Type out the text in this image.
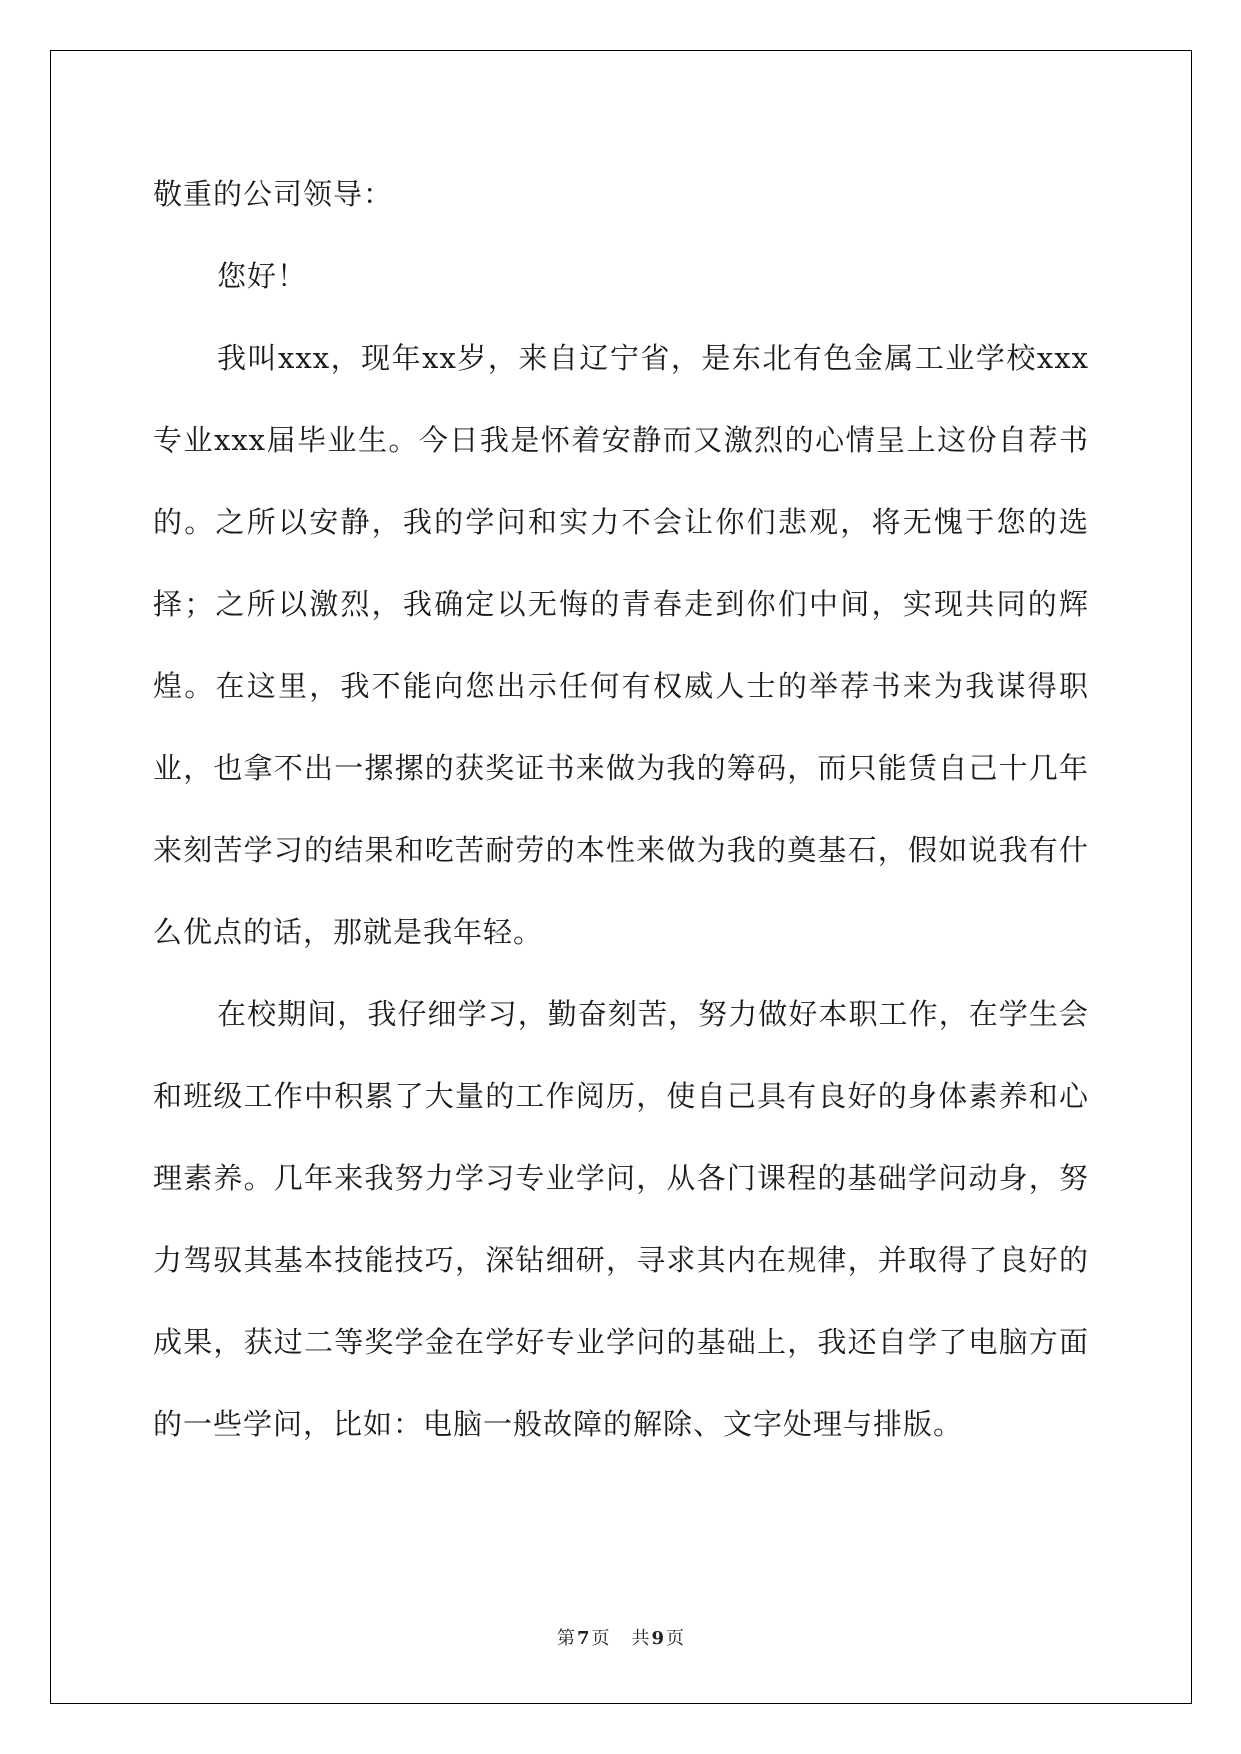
敬重的公司领导：

您好！

我叫xxx，现年xx岁，来自辽宁省，是东北有色金属工业学校xxx专业xxx届毕业生。今日我是怀着安静而又激烈的心情呈上这份自荐书的。之所以安静，我的学问和实力不会让你们悲观，将无愧于您的选择；之所以激烈，我确定以无悔的青春走到你们中间，实现共同的辉煌。在这里，我不能向您出示任何有权威人士的举荐书来为我谋得职业，也拿不出一摞摞的获奖证书来做为我的筹码，而只能赁自己十几年来刻苦学习的结果和吃苦耐劳的本性来做为我的奠基石，假如说我有什么优点的话，那就是我年轻。

在校期间，我仔细学习，勤奋刻苦，努力做好本职工作，在学生会和班级工作中积累了大量的工作阅历，使自己具有良好的身体素养和心理素养。几年来我努力学习专业学问，从各门课程的基础学问动身，努力驾驭其基本技能技巧，深钻细研，寻求其内在规律，并取得了良好的成果，获过二等奖学金在学好专业学问的基础上，我还自学了电脑方面的一些学问，比如：电脑一般故障的解除、文字处理与排版。

第 7 页 共 9 页
